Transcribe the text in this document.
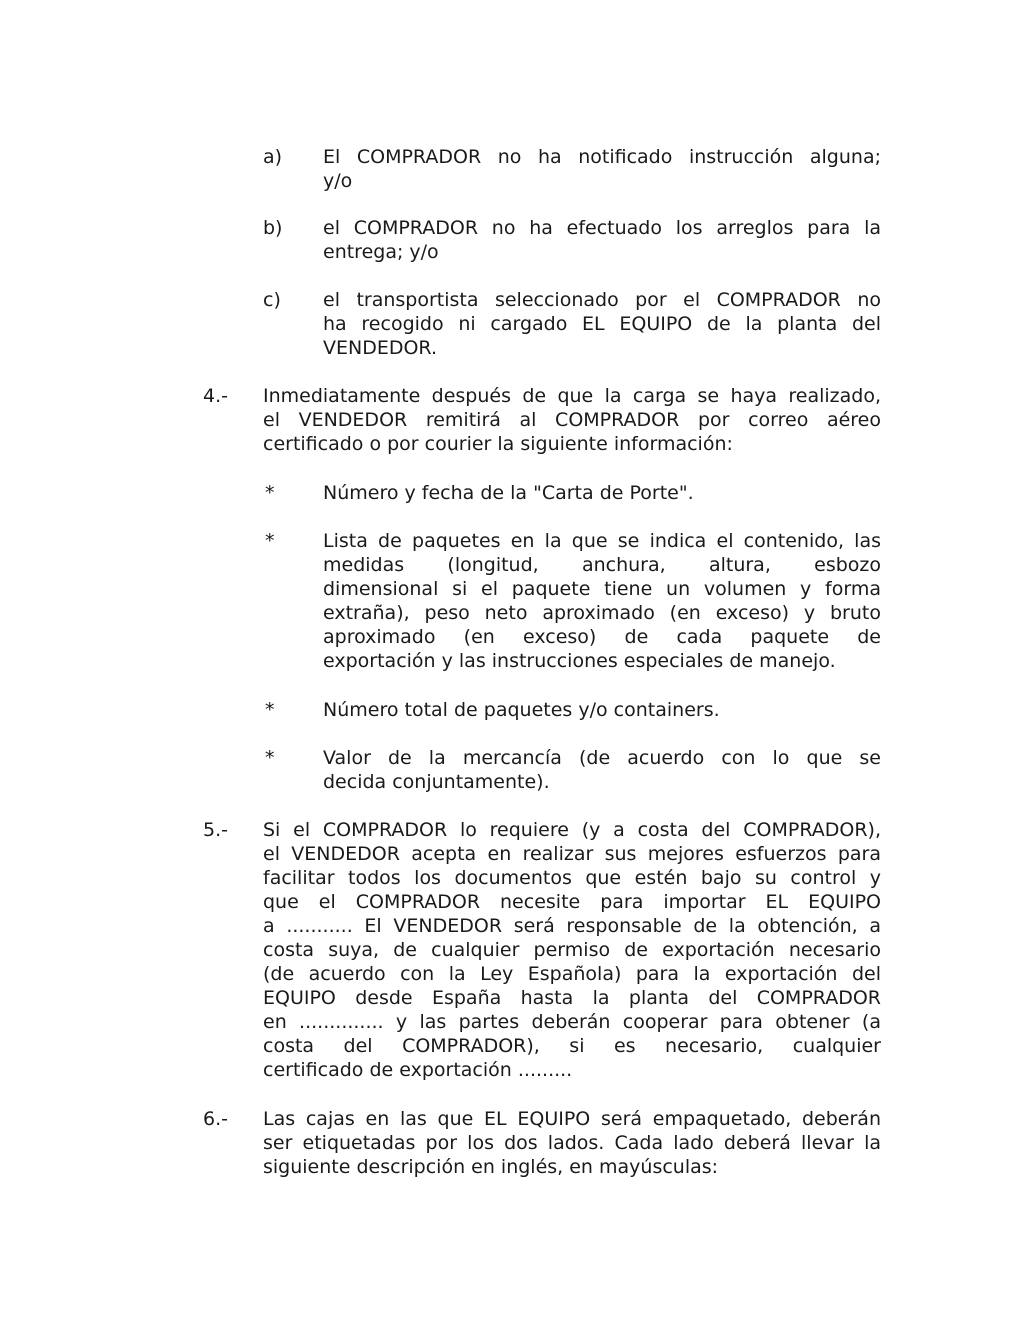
a) El COMPRADOR no ha notificado instrucción alguna;
y/o
b) el COMPRADOR no ha efectuado los arreglos para la
entrega; y/o
c) el transportista seleccionado por el COMPRADOR no
ha recogido ni cargado EL EQUIPO de la planta del
VENDEDOR.
4.- Inmediatamente después de que la carga se haya realizado,
el VENDEDOR remitirá al COMPRADOR por correo aéreo
certificado o por courier la siguiente información:
*	Número y fecha de la "Carta de Porte".
*	Lista de paquetes en la que se indica el contenido, las
medidas (longitud, anchura, altura, esbozo
dimensional si el paquete tiene un volumen y forma
extraña), peso neto aproximado (en exceso) y bruto
aproximado (en exceso) de cada paquete de
exportación y las instrucciones especiales de manejo.
*	Número total de paquetes y/o containers.
*	Valor de la mercancía (de acuerdo con lo que se
decida conjuntamente).
5.- Si el COMPRADOR lo requiere (y a costa del COMPRADOR),
el VENDEDOR acepta en realizar sus mejores esfuerzos para
facilitar todos los documentos que estén bajo su control y
que el COMPRADOR necesite para importar EL EQUIPO
a ........... El VENDEDOR será responsable de la obtención, a
costa suya, de cualquier permiso de exportación necesario
(de acuerdo con la Ley Española) para la exportación del
EQUIPO desde España hasta la planta del COMPRADOR
en .............. y las partes deberán cooperar para obtener (a
costa del COMPRADOR), si es necesario, cualquier
certificado de exportación .........
6.- Las cajas en las que EL EQUIPO será empaquetado, deberán
ser etiquetadas por los dos lados. Cada lado deberá llevar la
siguiente descripción en inglés, en mayúsculas:
